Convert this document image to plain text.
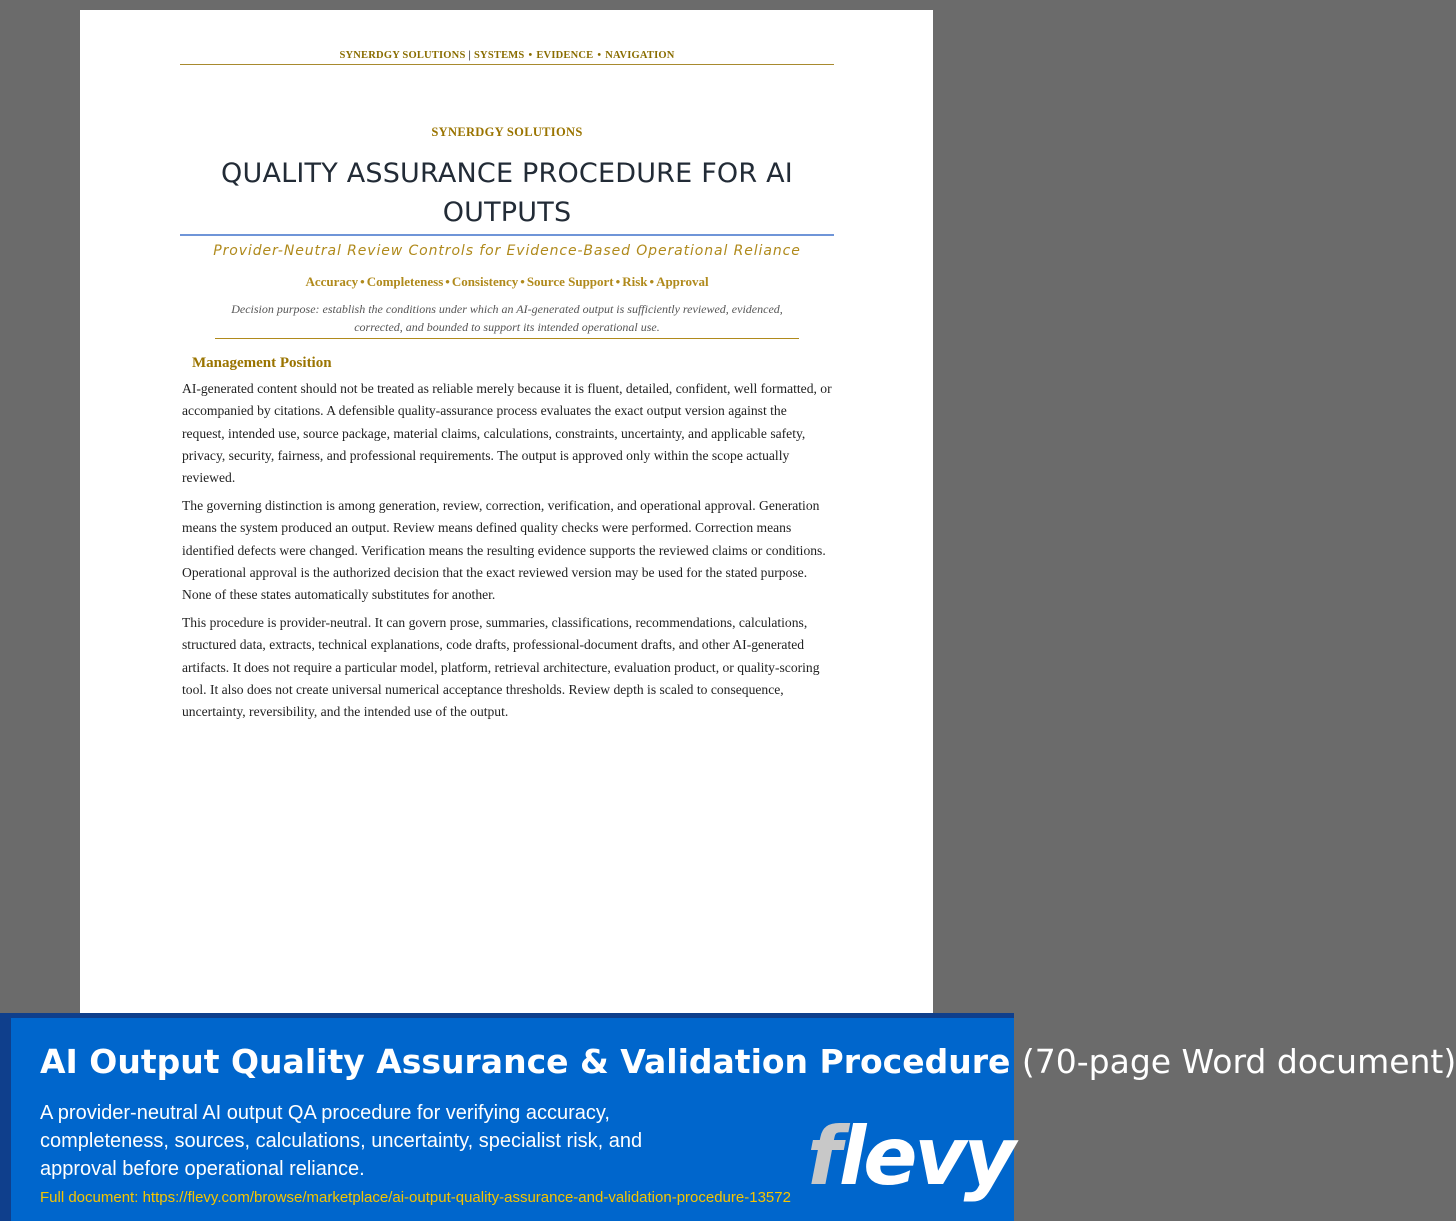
SYNERDGY SOLUTIONS | SYSTEMS • EVIDENCE • NAVIGATION
SYNERDGY SOLUTIONS
QUALITY ASSURANCE PROCEDURE FOR AI OUTPUTS
Provider-Neutral Review Controls for Evidence-Based Operational Reliance
Accuracy • Completeness • Consistency • Source Support • Risk • Approval
Decision purpose: establish the conditions under which an AI-generated output is sufficiently reviewed, evidenced, corrected, and bounded to support its intended operational use.
Management Position

AI-generated content should not be treated as reliable merely because it is fluent, detailed, confident, well formatted, or accompanied by citations. A defensible quality-assurance process evaluates the exact output version against the request, intended use, source package, material claims, calculations, constraints, uncertainty, and applicable safety, privacy, security, fairness, and professional requirements. The output is approved only within the scope actually reviewed.

The governing distinction is among generation, review, correction, verification, and operational approval. Generation means the system produced an output. Review means defined quality checks were performed. Correction means identified defects were changed. Verification means the resulting evidence supports the reviewed claims or conditions. Operational approval is the authorized decision that the exact reviewed version may be used for the stated purpose. None of these states automatically substitutes for another.

This procedure is provider-neutral. It can govern prose, summaries, classifications, recommendations, calculations, structured data, extracts, technical explanations, code drafts, professional-document drafts, and other AI-generated artifacts. It does not require a particular model, platform, retrieval architecture, evaluation product, or quality-scoring tool. It also does not create universal numerical acceptance thresholds. Review depth is scaled to consequence, uncertainty, reversibility, and the intended use of the output.

AI Output Quality Assurance & Validation Procedure (70-page Word document)
A provider-neutral AI output QA procedure for verifying accuracy, completeness, sources, calculations, uncertainty, specialist risk, and approval before operational reliance.
Full document: https://flevy.com/browse/marketplace/ai-output-quality-assurance-and-validation-procedure-13572 flevy
